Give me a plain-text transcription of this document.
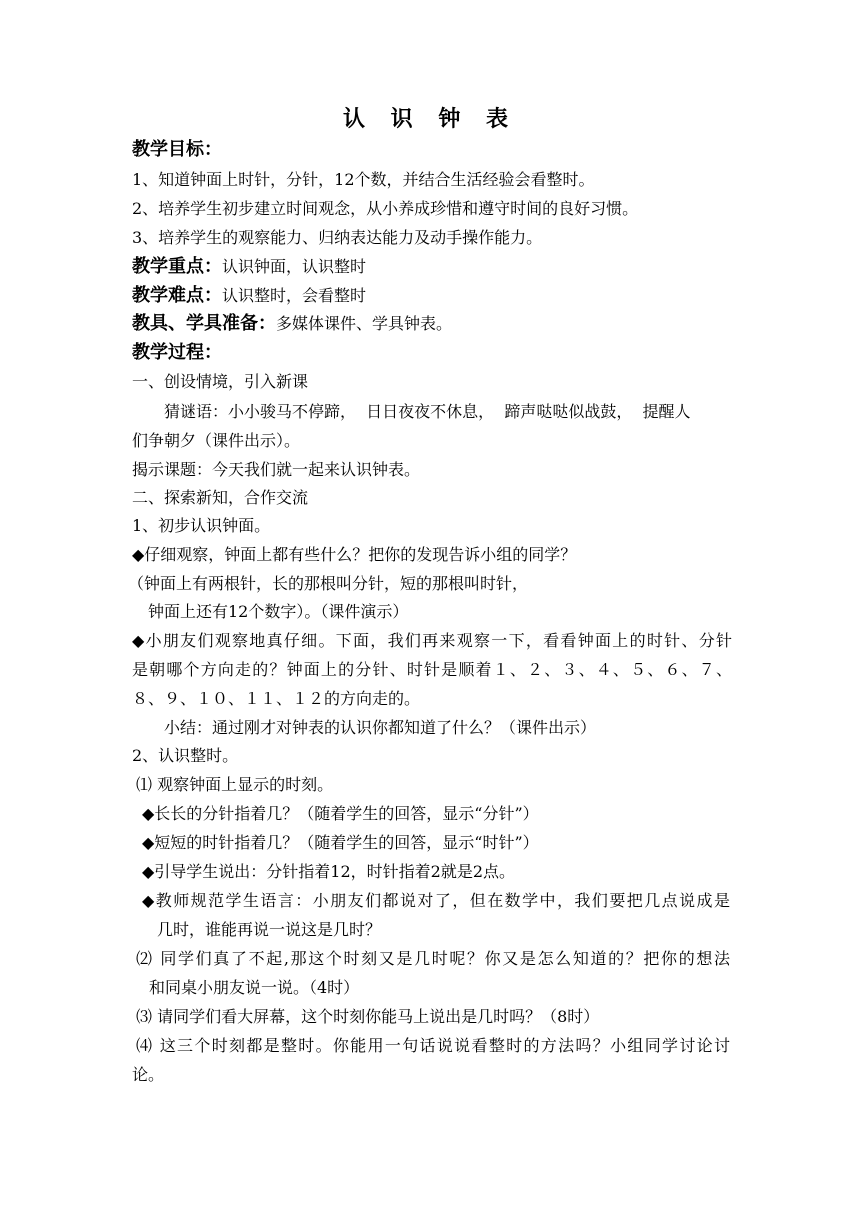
认 识 钟 表
教学目标：
1、知道钟面上时针，分针，12个数，并结合生活经验会看整时。
2、培养学生初步建立时间观念，从小养成珍惜和遵守时间的良好习惯。
3、培养学生的观察能力、归纳表达能力及动手操作能力。
教学重点：认识钟面，认识整时
教学难点：认识整时，会看整时
教具、学具准备：多媒体课件、学具钟表。
教学过程：
一、创设情境，引入新课
猜谜语：小小骏马不停蹄，  日日夜夜不休息，  蹄声哒哒似战鼓，  提醒人
们争朝夕（课件出示）。
揭示课题：今天我们就一起来认识钟表。
二、探索新知，合作交流
1、初步认识钟面。
◆仔细观察，钟面上都有些什么？把你的发现告诉小组的同学？
（钟面上有两根针，长的那根叫分针，短的那根叫时针，
钟面上还有12个数字）。（课件演示）
◆小朋友们观察地真仔细。下面，我们再来观察一下，看看钟面上的时针、分针
是朝哪个方向走的？钟面上的分针、时针是顺着１、２、３、４、５、６、７、
８、９、１０、１１、１２的方向走的。
小结：通过刚才对钟表的认识你都知道了什么？（课件出示）
2、认识整时。
⑴ 观察钟面上显示的时刻。
◆长长的分针指着几？（随着学生的回答，显示“分针”）
◆短短的时针指着几？（随着学生的回答，显示“时针”）
◆引导学生说出：分针指着12，时针指着2就是2点。
◆教师规范学生语言：小朋友们都说对了，但在数学中，我们要把几点说成是
几时，谁能再说一说这是几时？
⑵ 同学们真了不起,那这个时刻又是几时呢？你又是怎么知道的？把你的想法
和同桌小朋友说一说。（4时）
⑶ 请同学们看大屏幕，这个时刻你能马上说出是几时吗？（8时）
⑷ 这三个时刻都是整时。你能用一句话说说看整时的方法吗？小组同学讨论讨
论。
